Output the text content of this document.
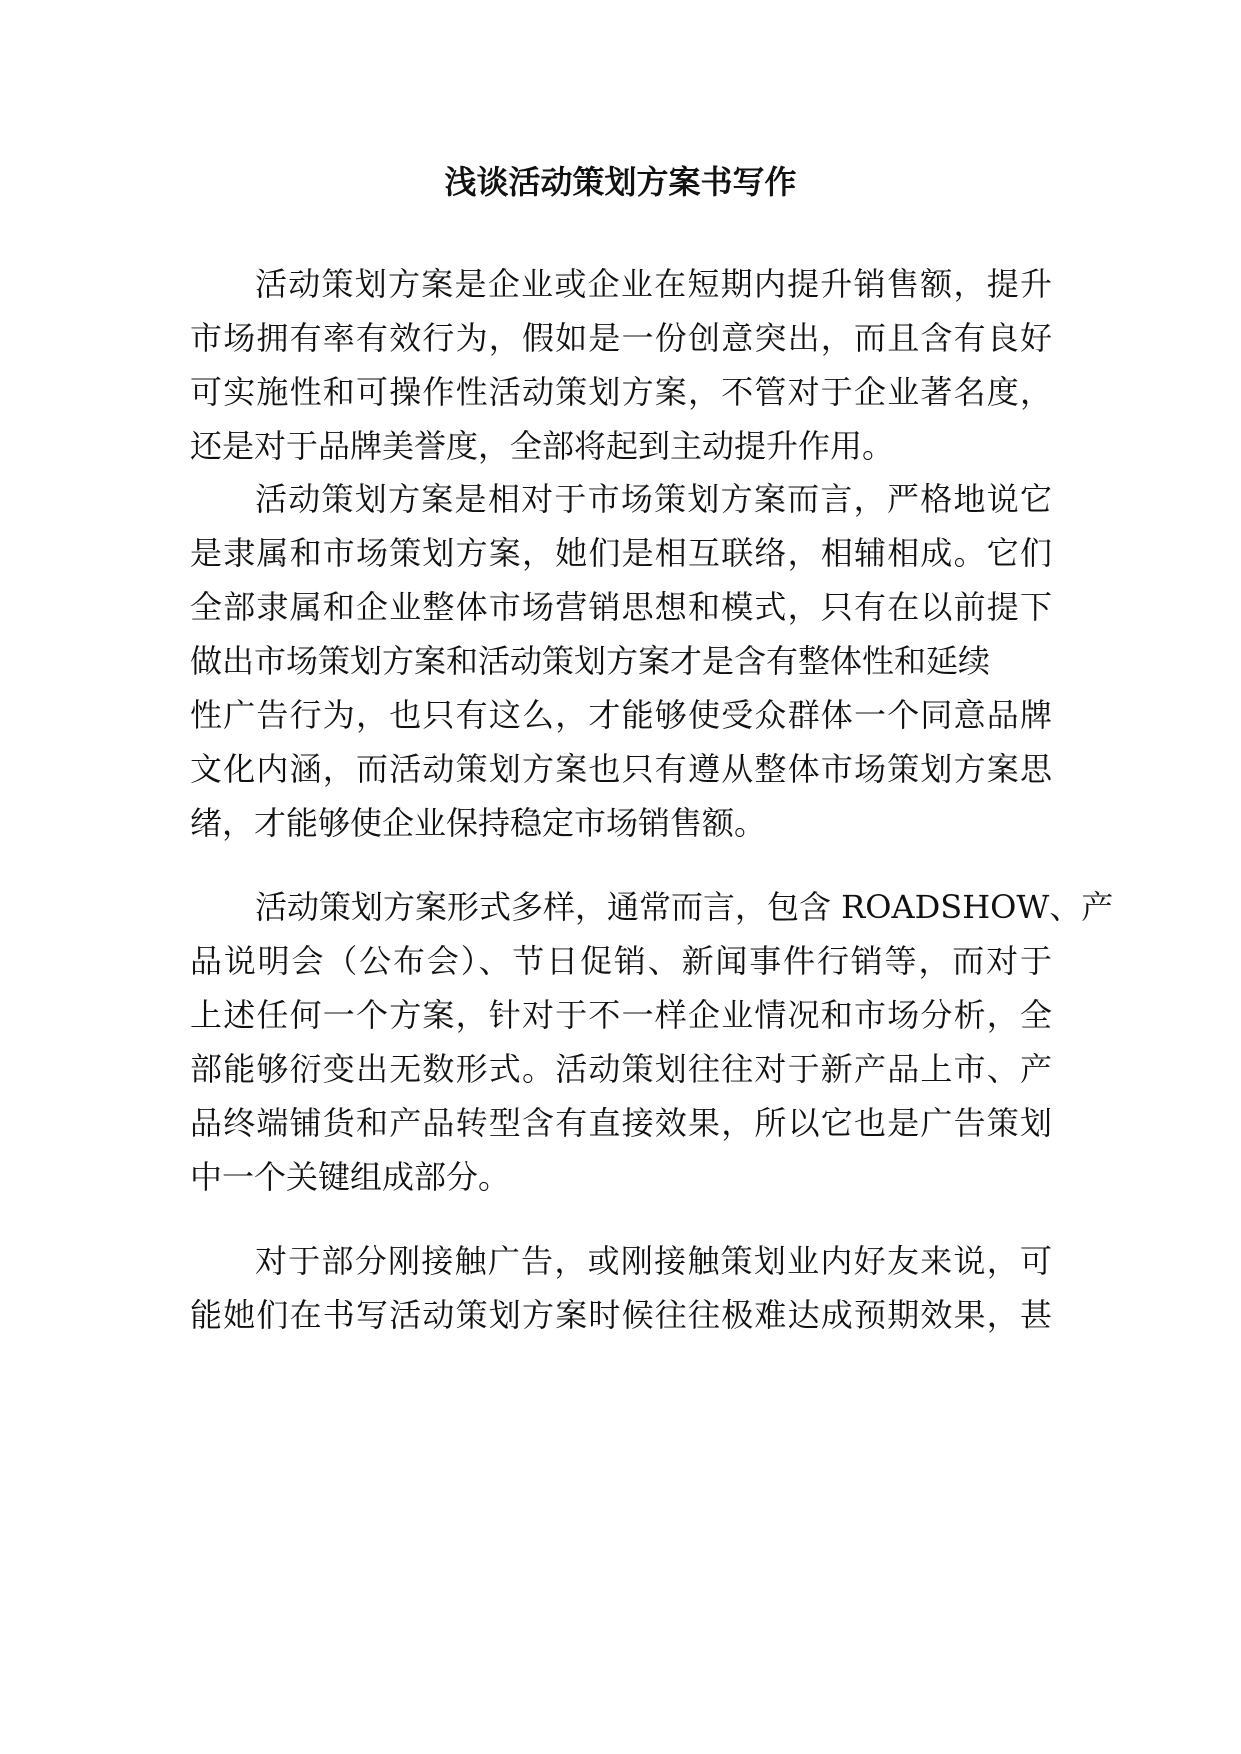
浅谈活动策划方案书写作

活动策划方案是企业或企业在短期内提升销售额，提升

市场拥有率有效行为，假如是一份创意突出，而且含有良好

可实施性和可操作性活动策划方案，不管对于企业著名度，

还是对于品牌美誉度，全部将起到主动提升作用。

活动策划方案是相对于市场策划方案而言，严格地说它

是隶属和市场策划方案，她们是相互联络，相辅相成。它们

全部隶属和企业整体市场营销思想和模式，只有在以前提下

做出市场策划方案和活动策划方案才是含有整体性和延续

性广告行为，也只有这么，才能够使受众群体一个同意品牌

文化内涵，而活动策划方案也只有遵从整体市场策划方案思

绪，才能够使企业保持稳定市场销售额。

活动策划方案形式多样，通常而言，包含 ROADSHOW、产

品说明会（公布会）、节日促销、新闻事件行销等，而对于

上述任何一个方案，针对于不一样企业情况和市场分析，全

部能够衍变出无数形式。活动策划往往对于新产品上市、产

品终端铺货和产品转型含有直接效果，所以它也是广告策划

中一个关键组成部分。

对于部分刚接触广告，或刚接触策划业内好友来说，可

能她们在书写活动策划方案时候往往极难达成预期效果，甚
